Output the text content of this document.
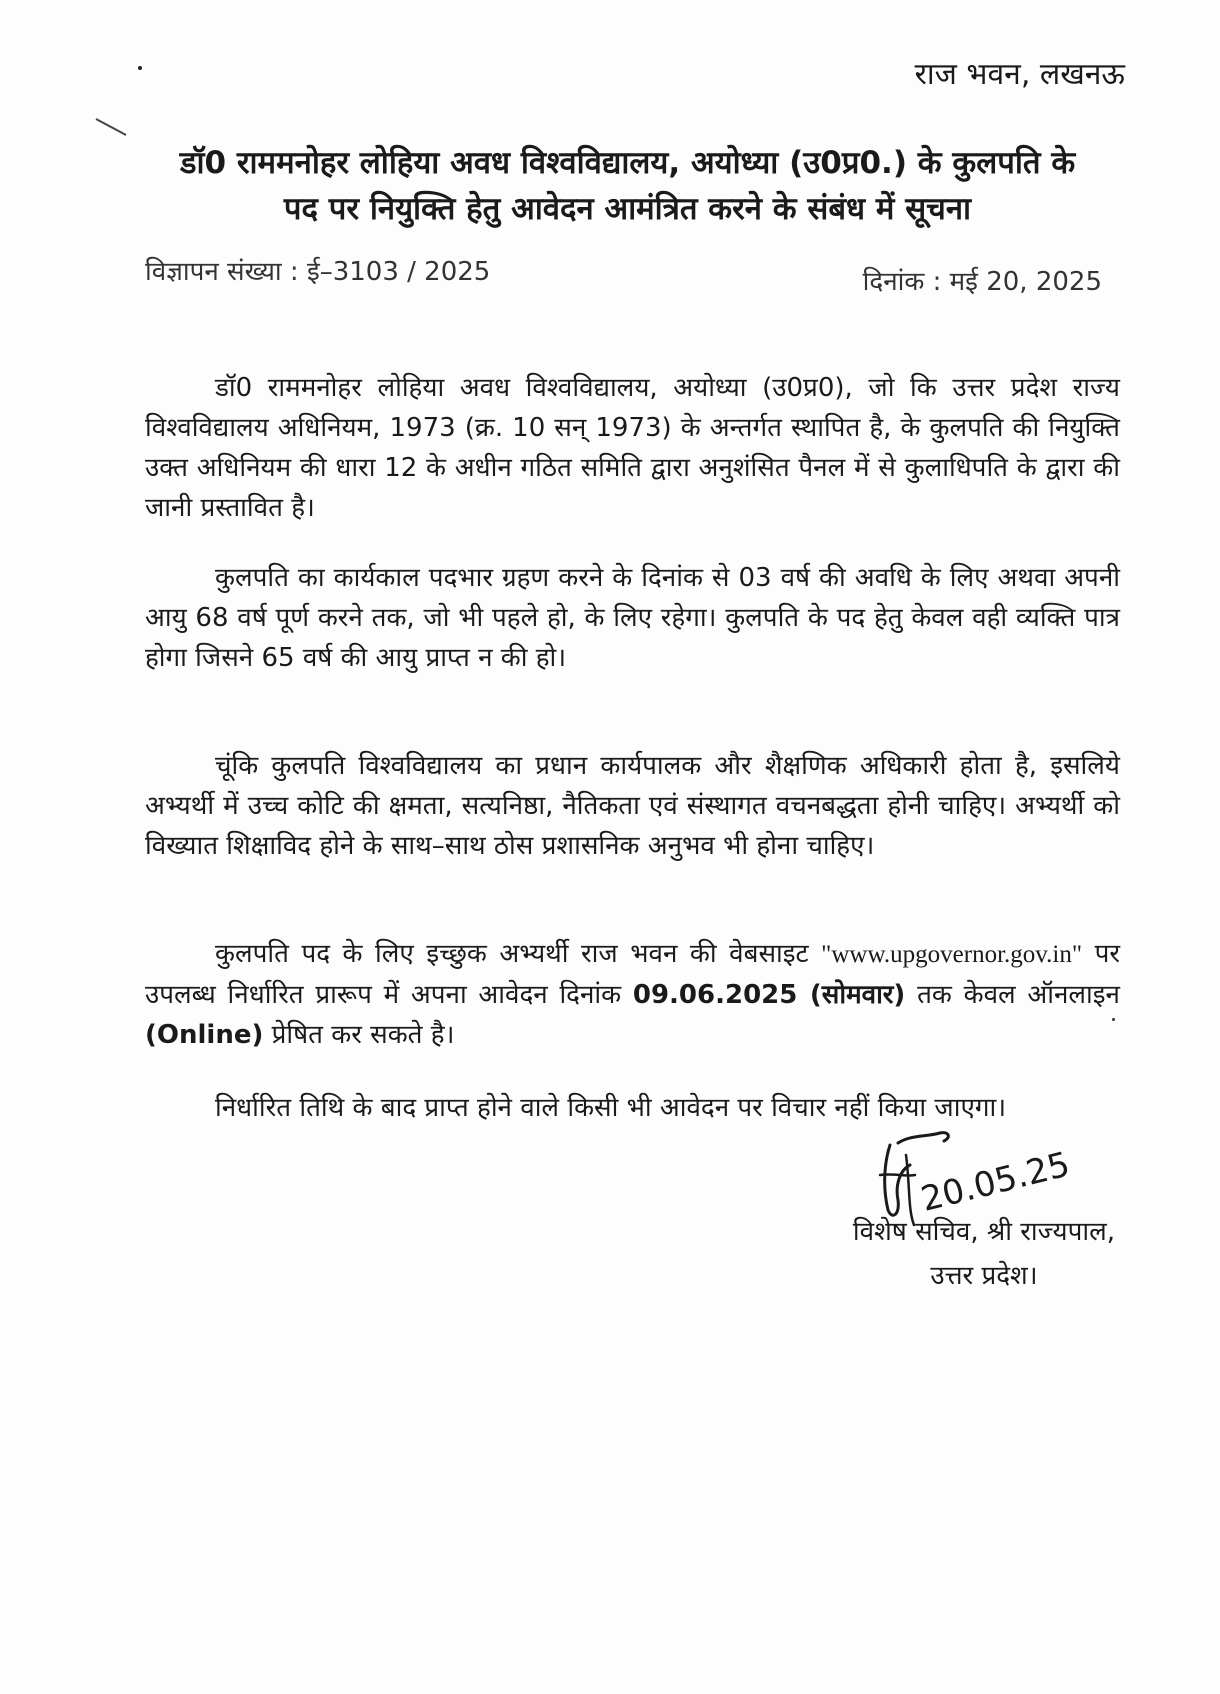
राज भवन, लखनऊ
डॉ0 राममनोहर लोहिया अवध विश्वविद्यालय, अयोध्या (उ0प्र0.) के कुलपति के
पद पर नियुक्ति हेतु आवेदन आमंत्रित करने के संबंध में सूचना
विज्ञापन संख्या : ई–3103 / 2025	दिनांक : मई 20, 2025

डॉ0 राममनोहर लोहिया अवध विश्वविद्यालय, अयोध्या (उ0प्र0), जो कि उत्तर प्रदेश राज्य विश्वविद्यालय अधिनियम, 1973 (क्र. 10 सन् 1973) के अन्तर्गत स्थापित है, के कुलपति की नियुक्ति उक्त अधिनियम की धारा 12 के अधीन गठित समिति द्वारा अनुशंसित पैनल में से कुलाधिपति के द्वारा की जानी प्रस्तावित है।

कुलपति का कार्यकाल पदभार ग्रहण करने के दिनांक से 03 वर्ष की अवधि के लिए अथवा अपनी आयु 68 वर्ष पूर्ण करने तक, जो भी पहले हो, के लिए रहेगा। कुलपति के पद हेतु केवल वही व्यक्ति पात्र होगा जिसने 65 वर्ष की आयु प्राप्त न की हो।

चूंकि कुलपति विश्वविद्यालय का प्रधान कार्यपालक और शैक्षणिक अधिकारी होता है, इसलिये अभ्यर्थी में उच्च कोटि की क्षमता, सत्यनिष्ठा, नैतिकता एवं संस्थागत वचनबद्धता होनी चाहिए। अभ्यर्थी को विख्यात शिक्षाविद होने के साथ–साथ ठोस प्रशासनिक अनुभव भी होना चाहिए।

कुलपति पद के लिए इच्छुक अभ्यर्थी राज भवन की वेबसाइट "www.upgovernor.gov.in" पर उपलब्ध निर्धारित प्रारूप में अपना आवेदन दिनांक 09.06.2025 (सोमवार) तक केवल ऑनलाइन (Online) प्रेषित कर सकते है।

निर्धारित तिथि के बाद प्राप्त होने वाले किसी भी आवेदन पर विचार नहीं किया जाएगा।

20.05.25
विशेष सचिव, श्री राज्यपाल,
उत्तर प्रदेश।
